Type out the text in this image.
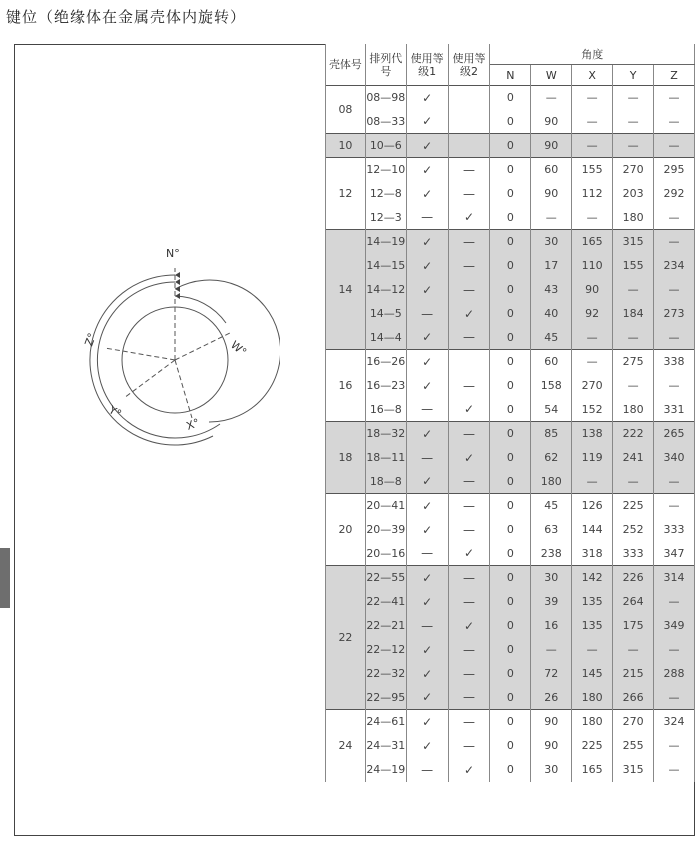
键位（绝缘体在金属壳体内旋转）
N°
W°
X°
Y°
Z°
壳体号	排列代号	使用等级1	使用等级2	角度				
				N	W	X	Y	Z
08	08—98	✓		0	—	—	—	—
	08—33	✓		0	90	—	—	—
10	10—6	✓		0	90	—	—	—
12	12—10	✓	—	0	60	155	270	295
	12—8	✓	—	0	90	112	203	292
	12—3	—	✓	0	—	—	180	—
14	14—19	✓	—	0	30	165	315	—
	14—15	✓	—	0	17	110	155	234
	14—12	✓	—	0	43	90	—	—
	14—5	—	✓	0	40	92	184	273
	14—4	✓	—	0	45	—	—	—
16	16—26	✓		0	60	—	275	338
	16—23	✓	—	0	158	270	—	—
	16—8	—	✓	0	54	152	180	331
18	18—32	✓	—	0	85	138	222	265
	18—11	—	✓	0	62	119	241	340
	18—8	✓	—	0	180	—	—	—
20	20—41	✓	—	0	45	126	225	—
	20—39	✓	—	0	63	144	252	333
	20—16	—	✓	0	238	318	333	347
22	22—55	✓	—	0	30	142	226	314
	22—41	✓	—	0	39	135	264	—
	22—21	—	✓	0	16	135	175	349
	22—12	✓	—	0	—	—	—	—
	22—32	✓	—	0	72	145	215	288
	22—95	✓	—	0	26	180	266	—
24	24—61	✓	—	0	90	180	270	324
	24—31	✓	—	0	90	225	255	—
	24—19	—	✓	0	30	165	315	—
